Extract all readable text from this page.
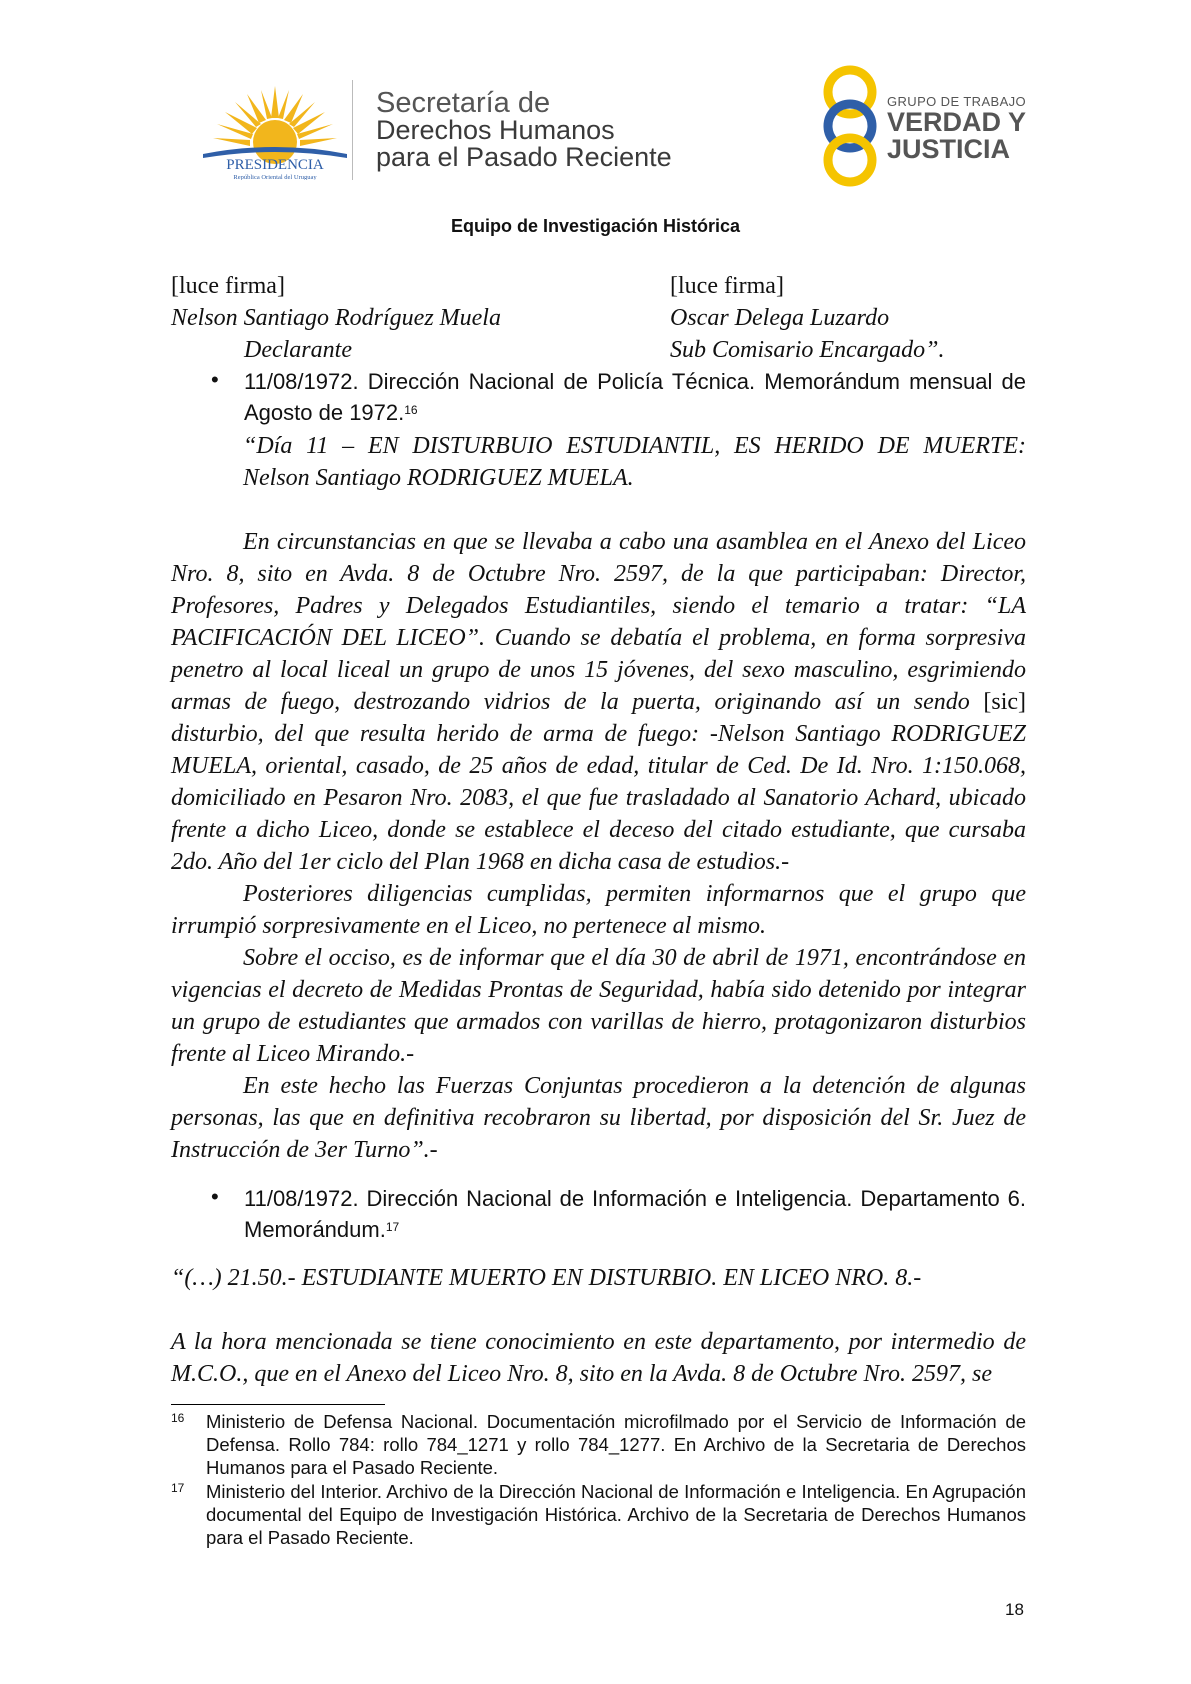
PRESIDENCIA
República Oriental del Uruguay
Secretaría de
Derechos Humanos
para el Pasado Reciente
GRUPO DE TRABAJO
VERDAD Y
JUSTICIA
Equipo de Investigación Histórica
[luce firma]
Nelson Santiago Rodríguez Muela
Declarante
[luce firma]
Oscar Delega Luzardo
Sub Comisario Encargado”.
• 11/08/1972. Dirección Nacional de Policía Técnica. Memorándum mensual de Agosto de 1972.16
“Día 11 – EN DISTURBUIO ESTUDIANTIL, ES HERIDO DE MUERTE: Nelson Santiago RODRIGUEZ MUELA.

En circunstancias en que se llevaba a cabo una asamblea en el Anexo del Liceo Nro. 8, sito en Avda. 8 de Octubre Nro. 2597, de la que participaban: Director, Profesores, Padres y Delegados Estudiantiles, siendo el temario a tratar: “LA PACIFICACIÓN DEL LICEO”. Cuando se debatía el problema, en forma sorpresiva penetro al local liceal un grupo de unos 15 jóvenes, del sexo masculino, esgrimiendo armas de fuego, destrozando vidrios de la puerta, originando así un sendo [sic] disturbio, del que resulta herido de arma de fuego: -Nelson Santiago RODRIGUEZ MUELA, oriental, casado, de 25 años de edad, titular de Ced. De Id. Nro. 1:150.068, domiciliado en Pesaron Nro. 2083, el que fue trasladado al Sanatorio Achard, ubicado frente a dicho Liceo, donde se establece el deceso del citado estudiante, que cursaba 2do. Año del 1er ciclo del Plan 1968 en dicha casa de estudios.-

Posteriores diligencias cumplidas, permiten informarnos que el grupo que irrumpió sorpresivamente en el Liceo, no pertenece al mismo.

Sobre el occiso, es de informar que el día 30 de abril de 1971, encontrándose en vigencias el decreto de Medidas Prontas de Seguridad, había sido detenido por integrar un grupo de estudiantes que armados con varillas de hierro, protagonizaron disturbios frente al Liceo Mirando.-

En este hecho las Fuerzas Conjuntas procedieron a la detención de algunas personas, las que en definitiva recobraron su libertad, por disposición del Sr. Juez de Instrucción de 3er Turno”.-

• 11/08/1972. Dirección Nacional de Información e Inteligencia. Departamento 6. Memorándum.$^{17}$
“(…) 21.50.- ESTUDIANTE MUERTO EN DISTURBIO. EN LICEO NRO. 8.-
A la hora mencionada se tiene conocimiento en este departamento, por intermedio de M.C.O., que en el Anexo del Liceo Nro. 8, sito en la Avda. 8 de Octubre Nro. 2597, se
16 Ministerio de Defensa Nacional. Documentación microfilmado por el Servicio de Información de Defensa. Rollo 784: rollo 784_1271 y rollo 784_1277. En Archivo de la Secretaria de Derechos Humanos para el Pasado Reciente.
17 Ministerio del Interior. Archivo de la Dirección Nacional de Información e Inteligencia. En Agrupación documental del Equipo de Investigación Histórica. Archivo de la Secretaria de Derechos Humanos para el Pasado Reciente.
18
